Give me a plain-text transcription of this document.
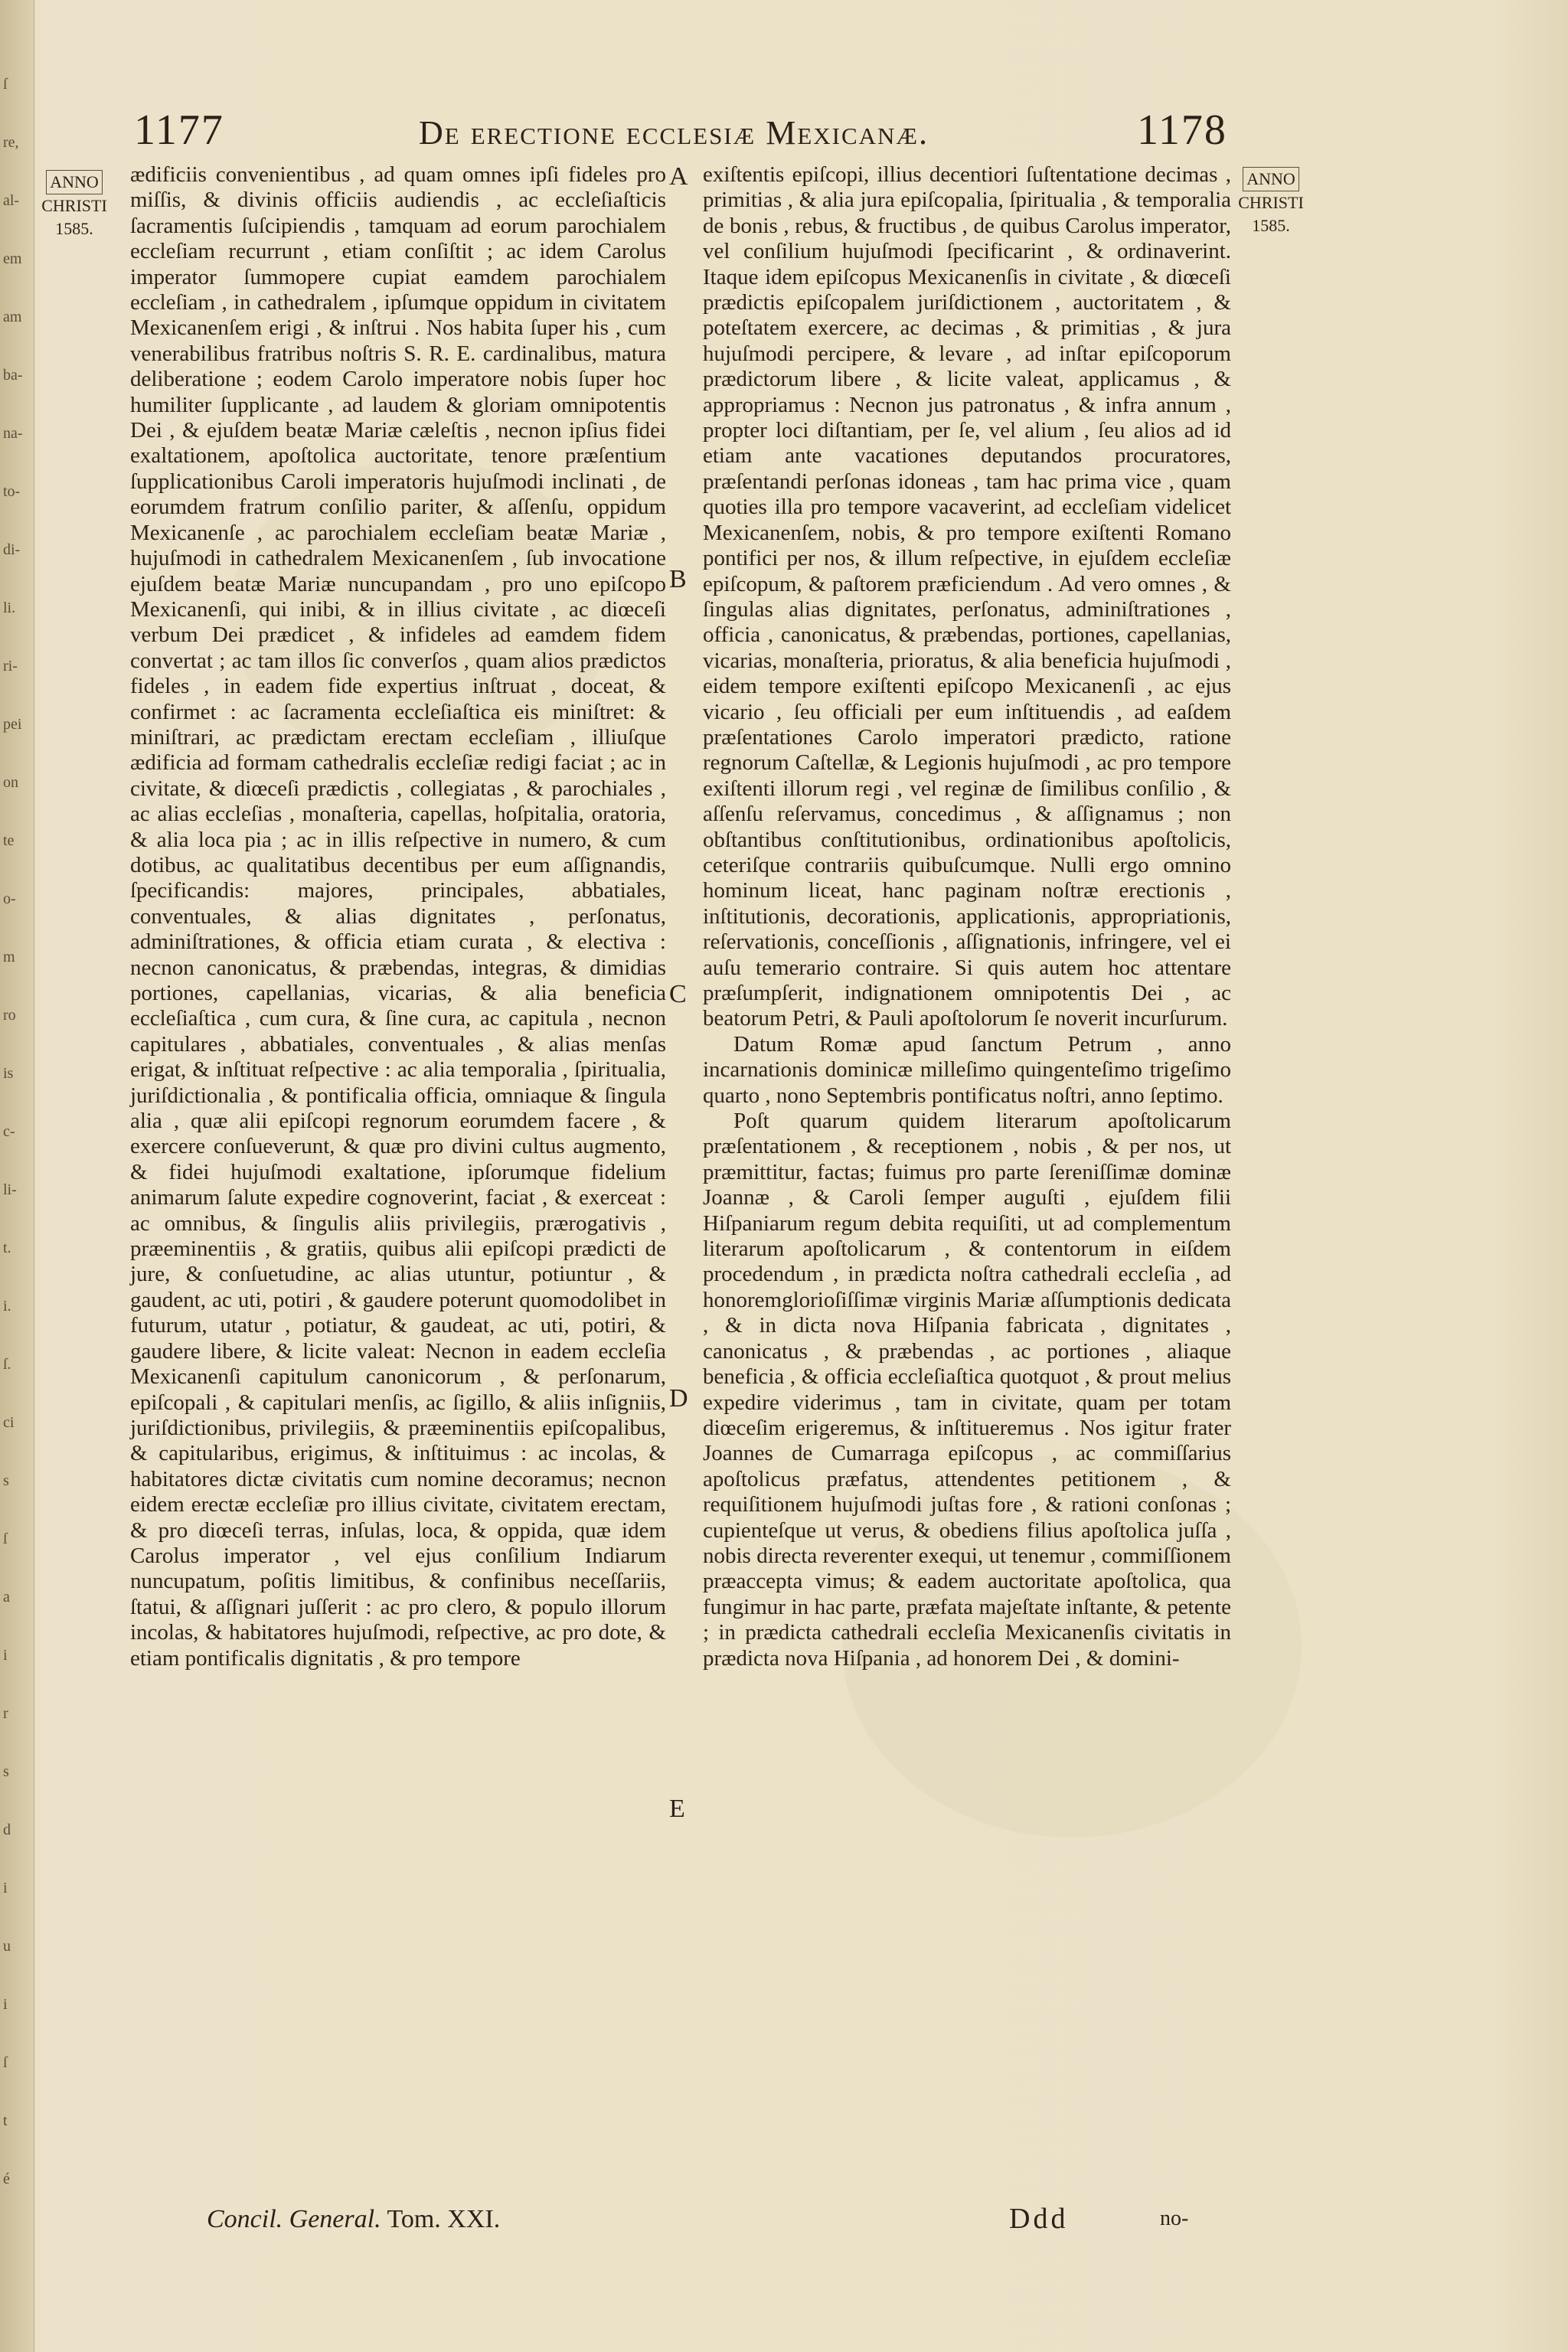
ſ
re,
al-
em
am
ba-
na-
to-
di-
li.
ri-
pei
on
te
o-
m
ro
is
c-
li-
t.
i.
ſ.
ci
s
ſ
a
i
r
s
d
i
u
i
ſ
t
é
1177	De erectione ecclesiæ Mexicanæ.	1178
ANNO
CHRISTI
1585.
ANNO
CHRISTI
1585.

ædificiis convenientibus , ad quam omnes ipſi fideles pro miſſis, & divinis officiis audiendis , ac eccleſiaſticis ſacramentis ſuſcipiendis , tamquam ad eorum parochialem eccleſiam recurrunt , etiam conſiſtit ; ac idem Carolus imperator ſummopere cupiat eamdem parochialem eccleſiam , in cathedralem , ipſumque oppidum in civitatem Mexicanenſem erigi , & inſtrui . Nos habita ſuper his , cum venerabilibus fratribus noſtris S. R. E. cardinalibus, matura deliberatione ; eodem Carolo imperatore nobis ſuper hoc humiliter ſupplicante , ad laudem & gloriam omnipotentis Dei , & ejuſdem beatæ Mariæ cæleſtis , necnon ipſius fidei exaltationem, apoſtolica auctoritate, tenore præſentium ſupplicationibus Caroli imperatoris hujuſmodi inclinati , de eorumdem fratrum conſilio pariter, & aſſenſu, oppidum Mexicanenſe , ac parochialem eccleſiam beatæ Mariæ , hujuſmodi in cathedralem Mexicanenſem , ſub invocatione ejuſdem beatæ Mariæ nuncupandam , pro uno epiſcopo Mexicanenſi, qui inibi, & in illius civitate , ac diœceſi verbum Dei prædicet , & infideles ad eamdem fidem convertat ; ac tam illos ſic converſos , quam alios prædictos fideles , in eadem fide expertius inſtruat , doceat, & confirmet : ac ſacramenta eccleſiaſtica eis miniſtret: & miniſtrari, ac prædictam erectam eccleſiam , illiuſque ædificia ad formam cathedralis eccleſiæ redigi faciat ; ac in civitate, & diœceſi prædictis , collegiatas , & parochiales , ac alias eccleſias , monaſteria, capellas, hoſpitalia, oratoria, & alia loca pia ; ac in illis reſpective in numero, & cum dotibus, ac qualitatibus decentibus per eum aſſignandis, ſpecificandis: majores, principales, abbatiales, conventuales, & alias dignitates , perſonatus, adminiſtrationes, & officia etiam curata , & electiva : necnon canonicatus, & præbendas, integras, & dimidias portiones, capellanias, vicarias, & alia beneficia eccleſiaſtica , cum cura, & ſine cura, ac capitula , necnon capitulares , abbatiales, conventuales , & alias menſas erigat, & inſtituat reſpective : ac alia temporalia , ſpiritualia, juriſdictionalia , & pontificalia officia, omniaque & ſingula alia , quæ alii epiſcopi regnorum eorumdem facere , & exercere conſueverunt, & quæ pro divini cultus augmento, & fidei hujuſmodi exaltatione, ipſorumque fidelium animarum ſalute expedire cognoverint, faciat , & exerceat : ac omnibus, & ſingulis aliis privilegiis, prærogativis , præeminentiis , & gratiis, quibus alii epiſcopi prædicti de jure, & conſuetudine, ac alias utuntur, potiuntur , & gaudent, ac uti, potiri , & gaudere poterunt quomodolibet in futurum, utatur , potiatur, & gaudeat, ac uti, potiri, & gaudere libere, & licite valeat: Necnon in eadem eccleſia Mexicanenſi capitulum canonicorum , & perſonarum, epiſcopali , & capitulari menſis, ac ſigillo, & aliis inſigniis, juriſdictionibus, privilegiis, & præeminentiis epiſcopalibus, & capitularibus, erigimus, & inſtituimus : ac incolas, & habitatores dictæ civitatis cum nomine decoramus; necnon eidem erectæ eccleſiæ pro illius civitate, civitatem erectam, & pro diœceſi terras, inſulas, loca, & oppida, quæ idem Carolus imperator , vel ejus conſilium Indiarum nuncupatum, poſitis limitibus, & confinibus neceſſariis, ſtatui, & aſſignari juſſerit : ac pro clero, & populo illorum incolas, & habitatores hujuſmodi, reſpective, ac pro dote, & etiam pontificalis dignitatis , & pro tempore

A
B
C
D
E

exiſtentis epiſcopi, illius decentiori ſuſtentatione decimas , primitias , & alia jura epiſcopalia, ſpiritualia , & temporalia de bonis , rebus, & fructibus , de quibus Carolus imperator, vel conſilium hujuſmodi ſpecificarint , & ordinaverint. Itaque idem epiſcopus Mexicanenſis in civitate , & diœceſi prædictis epiſcopalem juriſdictionem , auctoritatem , & poteſtatem exercere, ac decimas , & primitias , & jura hujuſmodi percipere, & levare , ad inſtar epiſcoporum prædictorum libere , & licite valeat, applicamus , & appropriamus : Necnon jus patronatus , & infra annum , propter loci diſtantiam, per ſe, vel alium , ſeu alios ad id etiam ante vacationes deputandos procuratores, præſentandi perſonas idoneas , tam hac prima vice , quam quoties illa pro tempore vacaverint, ad eccleſiam videlicet Mexicanenſem, nobis, & pro tempore exiſtenti Romano pontifici per nos, & illum reſpective, in ejuſdem eccleſiæ epiſcopum, & paſtorem præficiendum . Ad vero omnes , & ſingulas alias dignitates, perſonatus, adminiſtrationes , officia , canonicatus, & præbendas, portiones, capellanias, vicarias, monaſteria, prioratus, & alia beneficia hujuſmodi , eidem tempore exiſtenti epiſcopo Mexicanenſi , ac ejus vicario , ſeu officiali per eum inſtituendis , ad eaſdem præſentationes Carolo imperatori prædicto, ratione regnorum Caſtellæ, & Legionis hujuſmodi , ac pro tempore exiſtenti illorum regi , vel reginæ de ſimilibus conſilio , & aſſenſu reſervamus, concedimus , & aſſignamus ; non obſtantibus conſtitutionibus, ordinationibus apoſtolicis, ceteriſque contrariis quibuſcumque. Nulli ergo omnino hominum liceat, hanc paginam noſtræ erectionis , inſtitutionis, decorationis, applicationis, appropriationis, reſervationis, conceſſionis , aſſignationis, infringere, vel ei auſu temerario contraire. Si quis autem hoc attentare præſumpſerit, indignationem omnipotentis Dei , ac beatorum Petri, & Pauli apoſtolorum ſe noverit incurſurum.

Datum Romæ apud ſanctum Petrum , anno incarnationis dominicæ milleſimo quingenteſimo trigeſimo quarto , nono Septembris pontificatus noſtri, anno ſeptimo.

Poſt quarum quidem literarum apoſtolicarum præſentationem , & receptionem , nobis , & per nos, ut præmittitur, factas; fuimus pro parte ſereniſſimæ dominæ Joannæ , & Caroli ſemper auguſti , ejuſdem filii Hiſpaniarum regum debita requiſiti, ut ad complementum literarum apoſtolicarum , & contentorum in eiſdem procedendum , in prædicta noſtra cathedrali eccleſia , ad honoremglorioſiſſimæ virginis Mariæ aſſumptionis dedicata , & in dicta nova Hiſpania fabricata , dignitates , canonicatus , & præbendas , ac portiones , aliaque beneficia , & officia eccleſiaſtica quotquot , & prout melius expedire viderimus , tam in civitate, quam per totam diœceſim erigeremus, & inſtitueremus . Nos igitur frater Joannes de Cumarraga epiſcopus , ac commiſſarius apoſtolicus præfatus, attendentes petitionem , & requiſitionem hujuſmodi juſtas fore , & rationi conſonas ; cupienteſque ut verus, & obediens filius apoſtolica juſſa , nobis directa reverenter exequi, ut tenemur , commiſſionem præaccepta vimus; & eadem auctoritate apoſtolica, qua fungimur in hac parte, præfata majeſtate inſtante, & petente ; in prædicta cathedrali eccleſia Mexicanenſis civitatis in prædicta nova Hiſpania , ad honorem Dei , & domini-

Concil. General. Tom. XXI.	Ddd	no-
